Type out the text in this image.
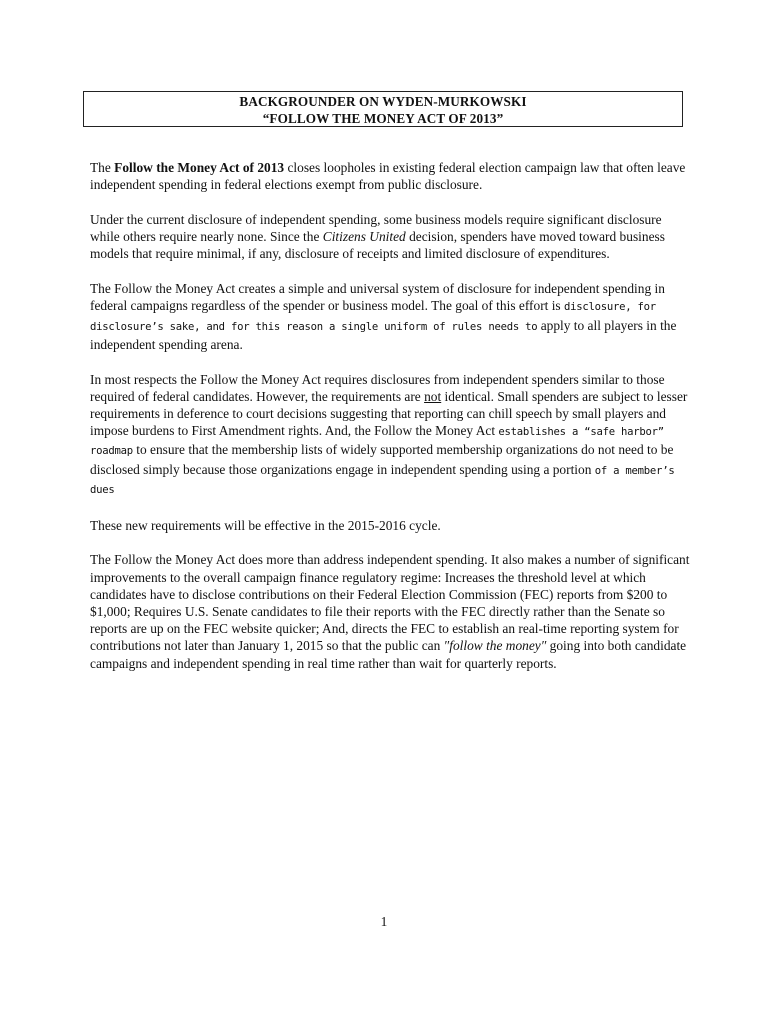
BACKGROUNDER ON WYDEN-MURKOWSKI
“FOLLOW THE MONEY ACT OF 2013”

The Follow the Money Act of 2013 closes loopholes in existing federal election campaign law that often leave independent spending in federal elections exempt from public disclosure.

Under the current disclosure of independent spending, some business models require significant disclosure while others require nearly none. Since the Citizens United decision, spenders have moved toward business models that require minimal, if any, disclosure of receipts and limited disclosure of expenditures.

The Follow the Money Act creates a simple and universal system of disclosure for independent spending in federal campaigns regardless of the spender or business model. The goal of this effort is disclosure, for disclosure’s sake, and for this reason a single uniform of rules needs to apply to all players in the independent spending arena.

In most respects the Follow the Money Act requires disclosures from independent spenders similar to those required of federal candidates. However, the requirements are not identical. Small spenders are subject to lesser requirements in deference to court decisions suggesting that reporting can chill speech by small players and impose burdens to First Amendment rights. And, the Follow the Money Act establishes a “safe harbor” roadmap to ensure that the membership lists of widely supported membership organizations do not need to be disclosed simply because those organizations engage in independent spending using a portion of a member’s dues

These new requirements will be effective in the 2015-2016 cycle.

The Follow the Money Act does more than address independent spending. It also makes a number of significant improvements to the overall campaign finance regulatory regime: Increases the threshold level at which candidates have to disclose contributions on their Federal Election Commission (FEC) reports from $200 to $1,000; Requires U.S. Senate candidates to file their reports with the FEC directly rather than the Senate so reports are up on the FEC website quicker; And, directs the FEC to establish an real-time reporting system for contributions not later than January 1, 2015 so that the public can ″follow the money″ going into both candidate campaigns and independent spending in real time rather than wait for quarterly reports.

1
